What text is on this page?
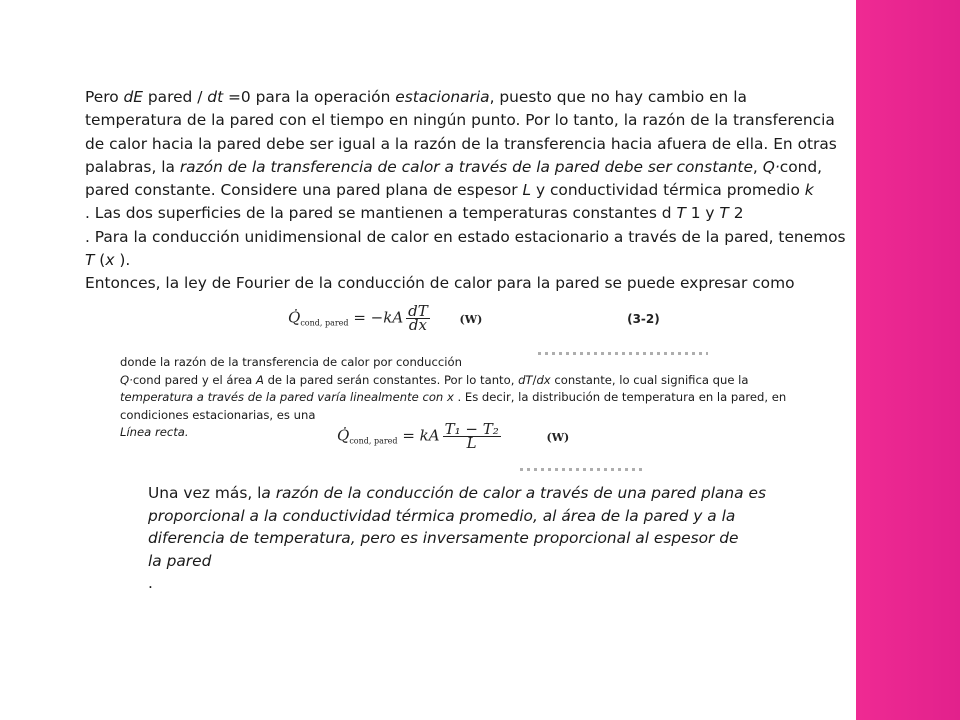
Pero dE pared / dt =0 para la operación estacionaria, puesto que no hay cambio en la
temperatura de la pared con el tiempo en ningún punto. Por lo tanto, la razón de la transferencia
de calor hacia la pared debe ser igual a la razón de la transferencia hacia afuera de ella. En otras
palabras, la razón de la transferencia de calor a través de la pared debe ser constante, Q·cond,
pared constante. Considere una pared plana de espesor L y conductividad térmica promedio k
. Las dos superficies de la pared se mantienen a temperaturas constantes d T 1 y T 2
. Para la conducción unidimensional de calor en estado estacionario a través de la pared, tenemos
T (x ).
Entonces, la ley de Fourier de la conducción de calor para la pared se puede expresar como
$Q̇_{cond, pared} = -kA \frac{dT}{dx}$	(W)	(3-2)
donde la razón de la transferencia de calor por conducción
Q·cond pared y el área A de la pared serán constantes. Por lo tanto, dT/dx constante, lo cual significa que la
temperatura a través de la pared varía linealmente con x . Es decir, la distribución de temperatura en la pared, en
condiciones estacionarias, es una
Línea recta.	$Q̇_{cond, pared}$ = kA $\frac{\text{T₁ − T₂}}{L}$	(W)
Una vez más, la razón de la conducción de calor a través de una pared plana es
proporcional a la conductividad térmica promedio, al área de la pared y a la
diferencia de temperatura, pero es inversamente proporcional al espesor de
la pared
.
